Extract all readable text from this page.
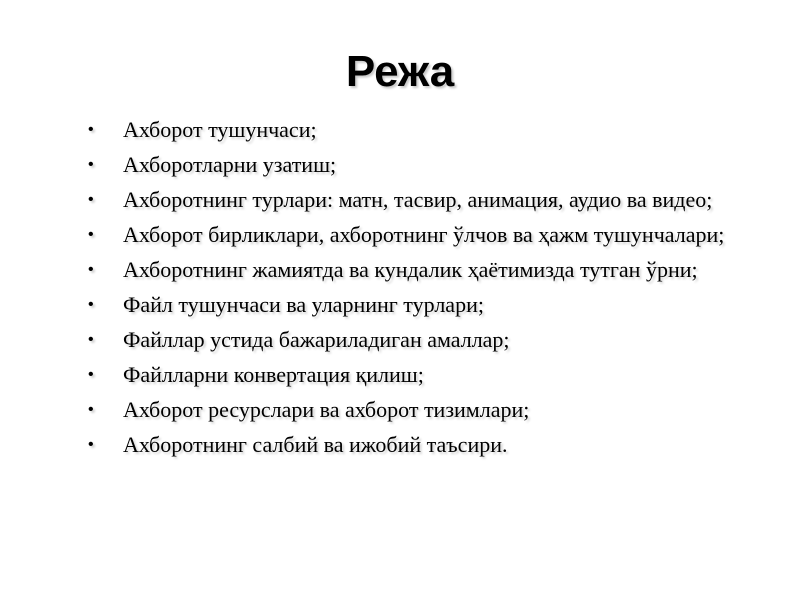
Режа
• Ахборот тушунчаси;
• Ахборотларни узатиш;
• Ахборотнинг турлари: матн, тасвир, анимация, аудио ва видео;
• Ахборот бирликлари, ахборотнинг ўлчов ва ҳажм тушунчалари;
• Ахборотнинг жамиятда ва кундалик ҳаётимизда тутган ўрни;
• Файл тушунчаси ва уларнинг турлари;
• Файллар устида бажариладиган амаллар;
• Файлларни конвертация қилиш;
• Ахборот ресурслари ва ахборот тизимлари;
• Ахборотнинг салбий ва ижобий таъсири.
